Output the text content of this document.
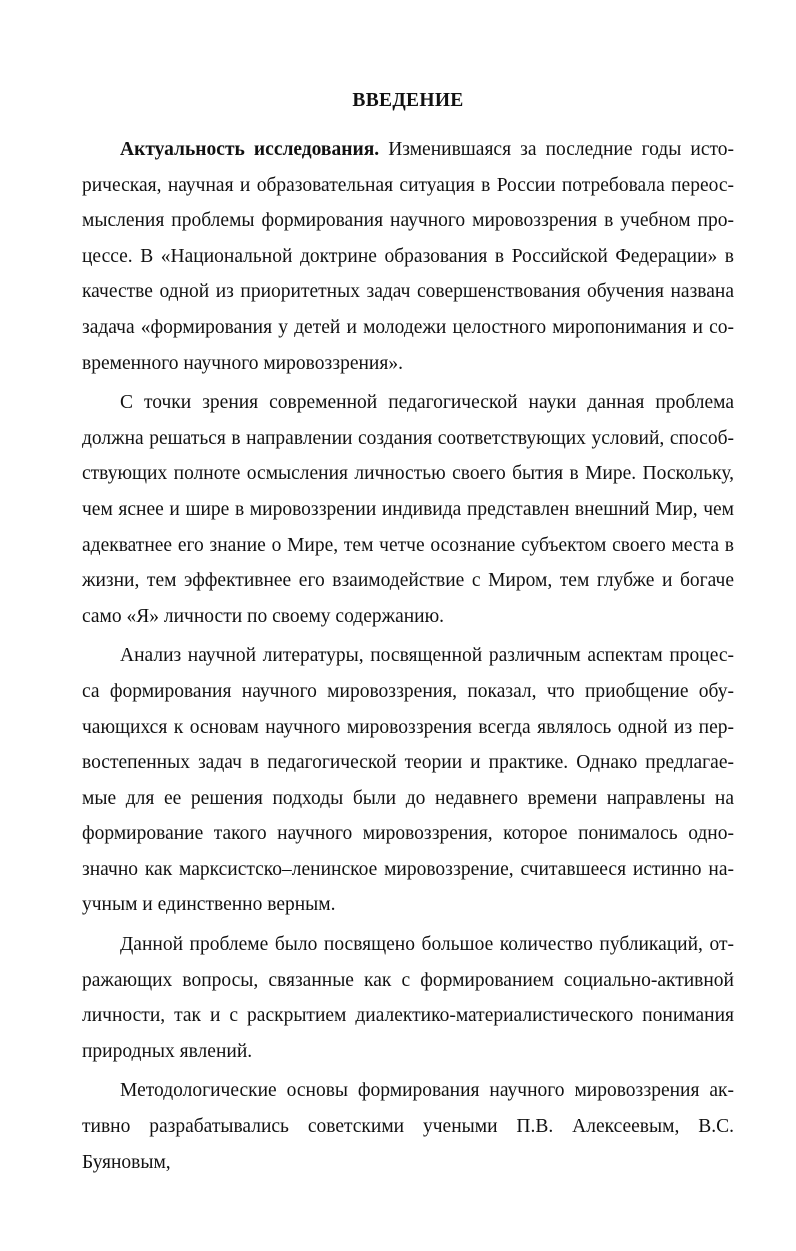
ВВЕДЕНИЕ

Актуальность исследования. Изменившаяся за последние годы историческая, научная и образовательная ситуация в России потребовала переосмысления проблемы формирования научного мировоззрения в учебном процессе. В «Национальной доктрине образования в Российской Федерации» в качестве одной из приоритетных задач совершенствования обучения названа задача «формирования у детей и молодежи целостного миропонимания и современного научного мировоззрения».

С точки зрения современной педагогической науки данная проблема должна решаться в направлении создания соответствующих условий, способствующих полноте осмысления личностью своего бытия в Мире. Поскольку, чем яснее и шире в мировоззрении индивида представлен внешний Мир, чем адекватнее его знание о Мире, тем четче осознание субъектом своего места в жизни, тем эффективнее его взаимодействие с Миром, тем глубже и богаче само «Я» личности по своему содержанию.

Анализ научной литературы, посвященной различным аспектам процесса формирования научного мировоззрения, показал, что приобщение обучающихся к основам научного мировоззрения всегда являлось одной из первостепенных задач в педагогической теории и практике. Однако предлагаемые для ее решения подходы были до недавнего времени направлены на формирование такого научного мировоззрения, которое понималось однозначно как марксистско–ленинское мировоззрение, считавшееся истинно научным и единственно верным.

Данной проблеме было посвящено большое количество публикаций, отражающих вопросы, связанные как с формированием социально-активной личности, так и с раскрытием диалектико-материалистического понимания природных явлений.

Методологические основы формирования научного мировоззрения активно разрабатывались советскими учеными П.В. Алексеевым, В.С. Буяновым,
